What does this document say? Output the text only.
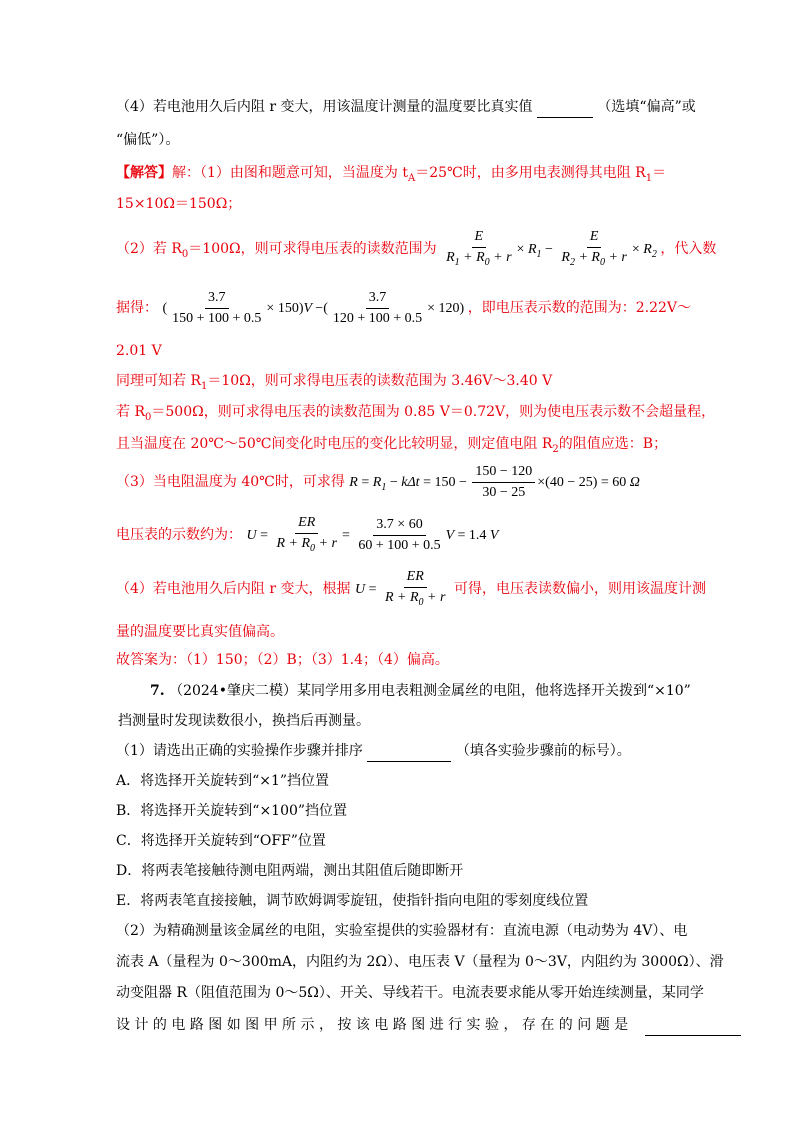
（4）若电池用久后内阻 r 变大，用该温度计测量的温度要比真实值	（选填“偏高”或
“偏低”）。
【解答】解：（1）由图和题意可知，当温度为 $t_A=25℃$时，由多用电表测得其电阻 $R_1=$
15×10Ω＝150Ω；
（2）若 $R_0=100\Omega$，则可求得电压表的读数范围为 $\frac{E}{R_1 + R_0 + r} \times R_1 - \frac{E}{R_2 + R_0 + r} \times R_2$ ，代入数
据得： ( $\frac{3.7}{150 + 100 + 0.5} \times 150)V$ −( $\frac{3.7}{120 + 100 + 0.5} \times 120$) ，即电压表示数的范围为：2.22V～
2.01 V
同理可知若 $R_1=10\Omega$，则可求得电压表的读数范围为 3.46V～3.40 V
若 $R_0=500\Omega$，则可求得电压表的读数范围为 0.85 V＝0.72V，则为使电压表示数不会超量程，
且当温度在 20℃～50℃间变化时电压的变化比较明显，则定值电阻 $R_2$的阻值应选：B；
（3）当电阻温度为 40℃时，可求得 $R = R_1 - k\Delta t = 150 - \frac{150 - 120}{30 - 25} \times(40 - 25) = 60$ Ω
电压表的示数约为： $U = \frac{ER}{R + R_0 + r} = \frac{3.7 \times 60}{60 + 100 + 0.5}$ V = 1.4 V
（4）若电池用久后内阻 r 变大，根据 $U = \frac{ER}{R + R_0 + r}$ 可得，电压表读数偏小，则用该温度计测
量的温度要比真实值偏高。
故答案为：（1）150；（2）B；（3）1.4；（4）偏高。
7. （2024•肇庆二模）某同学用多用电表粗测金属丝的电阻，他将选择开关拨到“×10”
挡测量时发现读数很小，换挡后再测量。
（1）请选出正确的实验操作步骤并排序	（填各实验步骤前的标号）。
A．将选择开关旋转到“×1”挡位置
B．将选择开关旋转到“×100”挡位置
C．将选择开关旋转到“OFF”位置
D．将两表笔接触待测电阻两端，测出其阻值后随即断开
E．将两表笔直接接触，调节欧姆调零旋钮，使指针指向电阻的零刻度线位置
（2）为精确测量该金属丝的电阻，实验室提供的实验器材有：直流电源（电动势为 4V）、电
流表 A（量程为 0～300mA，内阻约为 2Ω）、电压表 V（量程为 0～3V，内阻约为 3000Ω）、滑
动变阻器 R（阻值范围为 0～5Ω）、开关、导线若干。电流表要求能从零开始连续测量，某同学
设 计 的 电 路 图 如 图 甲 所 示 ， 按 该 电 路 图 进 行 实 验 ， 存 在 的 问 题 是
